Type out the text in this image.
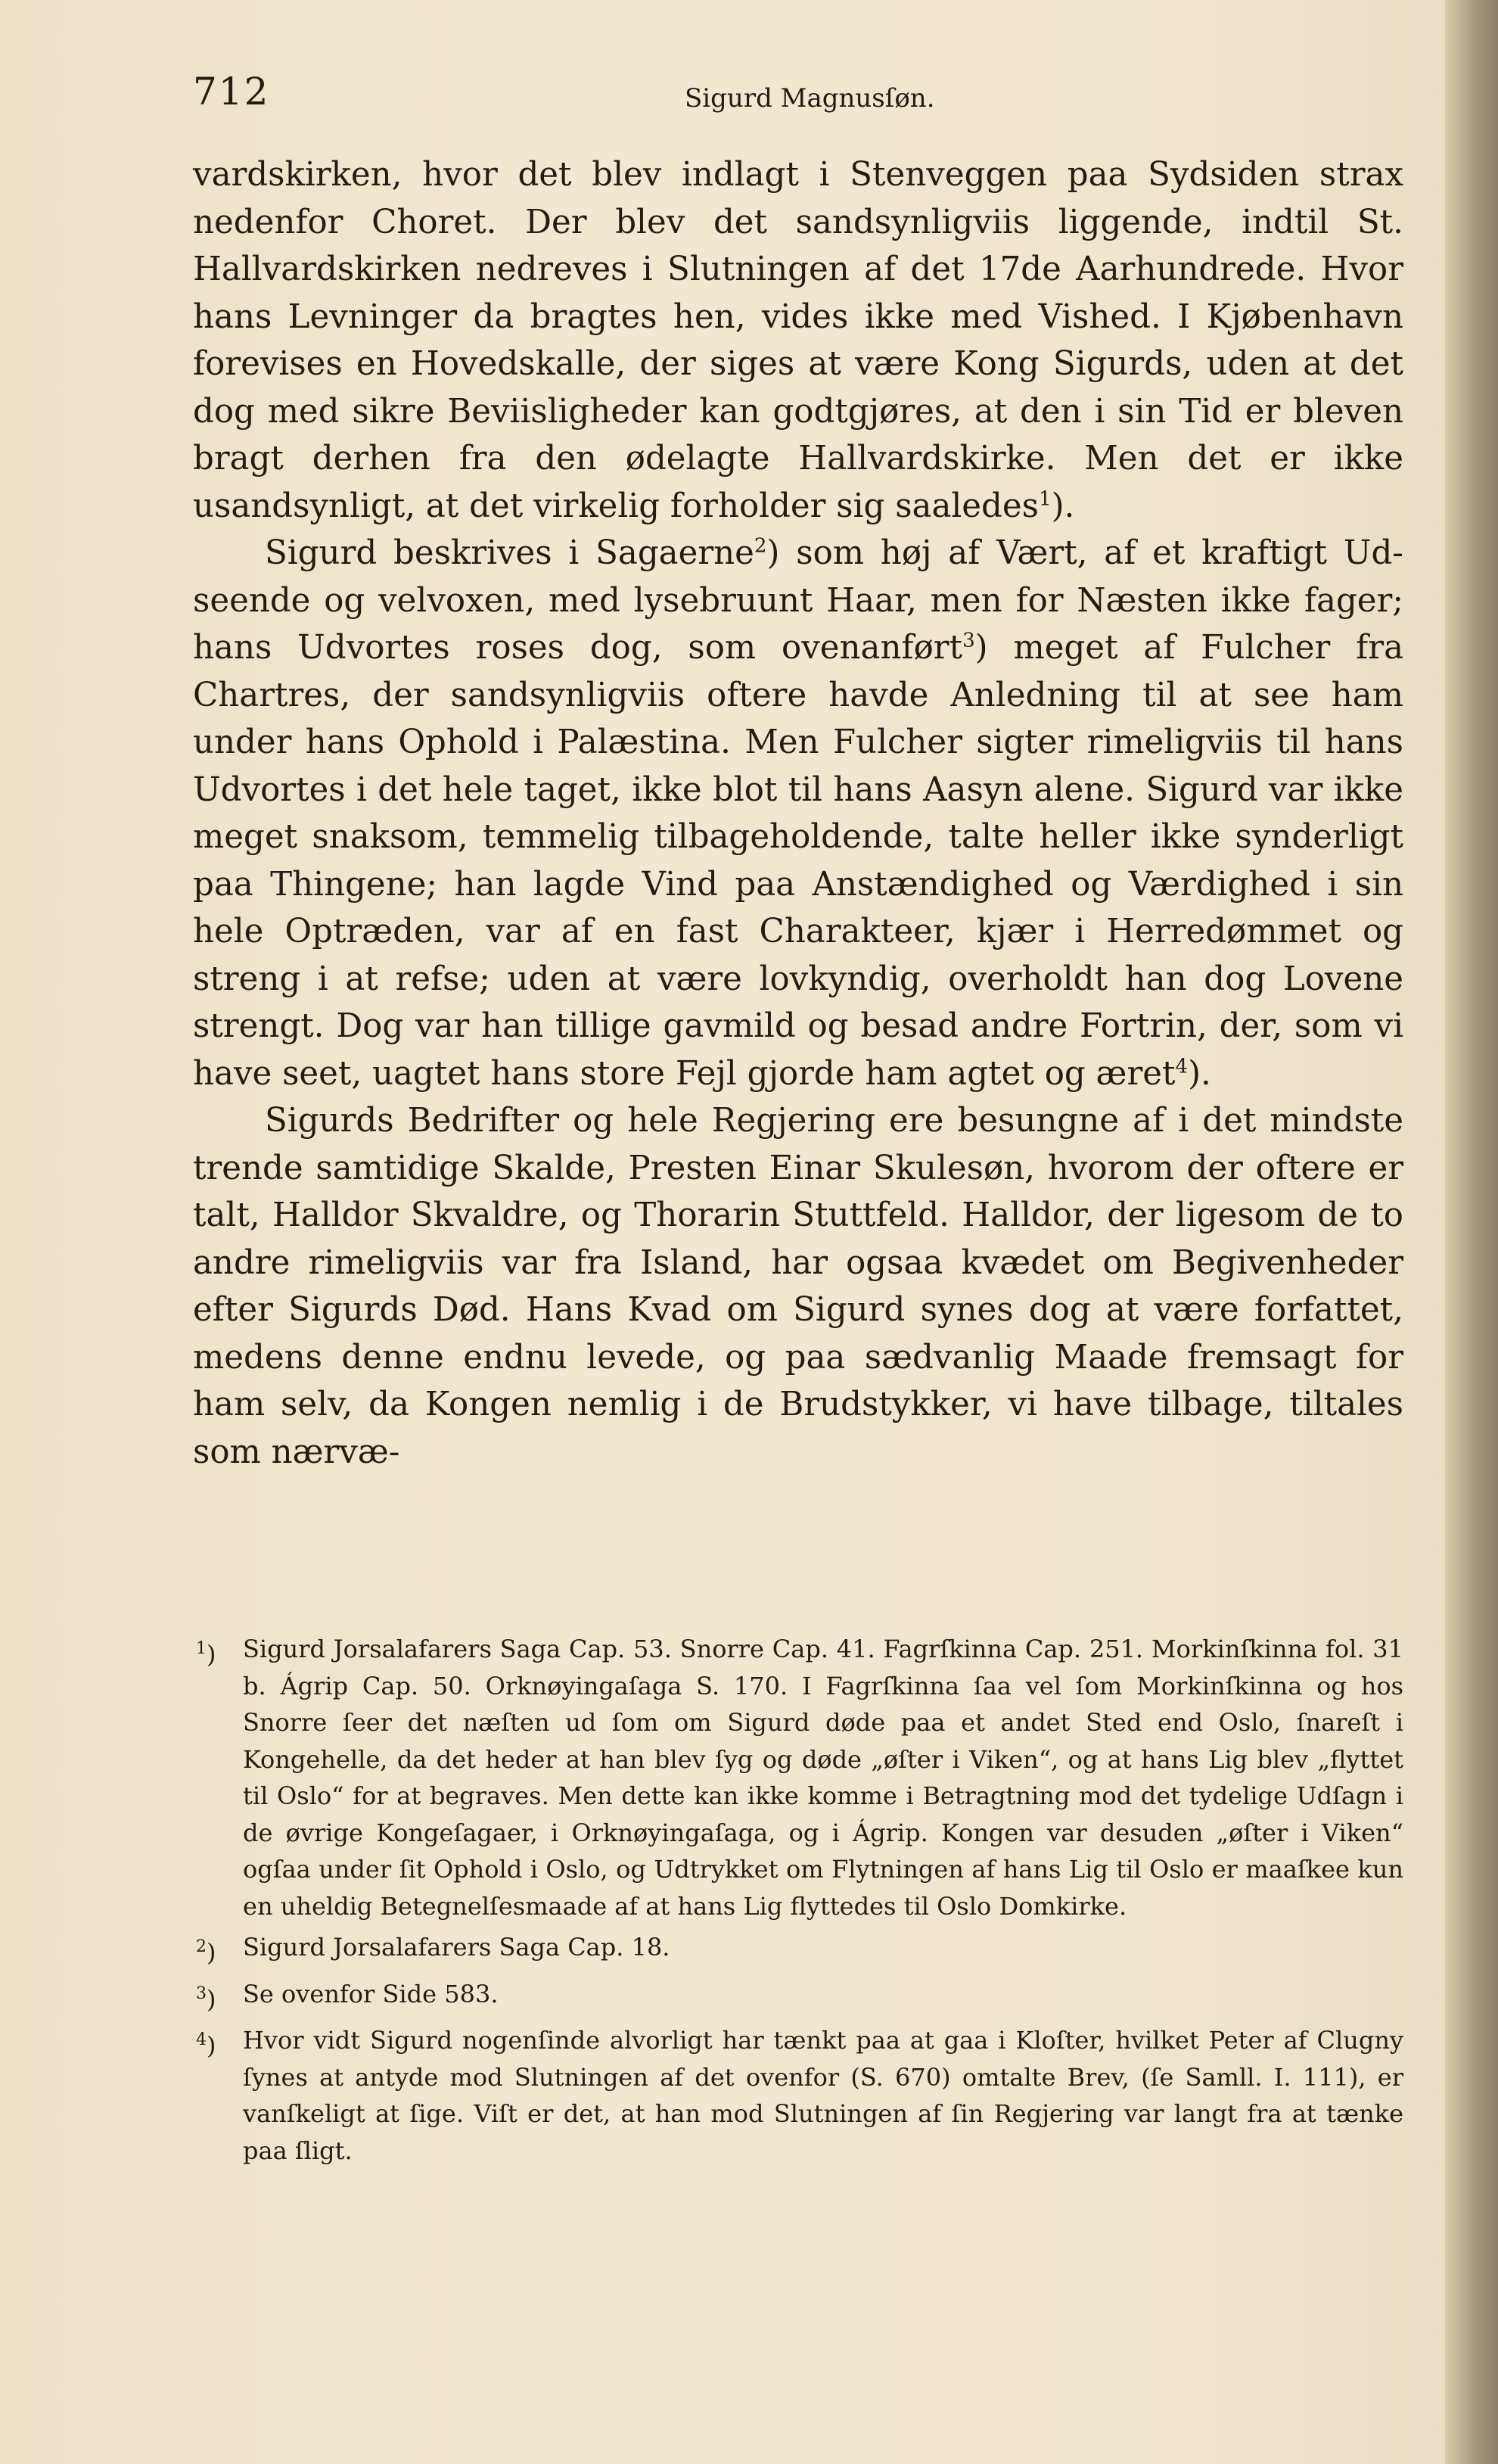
712	Sigurd Magnusſøn.

vardskirken, hvor det blev indlagt i Stenveggen paa Sydsiden strax nedenfor Choret. Der blev det sandsynligviis liggende, indtil St. Hallvardskirken nedreves i Slutningen af det 17de Aarhundrede. Hvor hans Levninger da bragtes hen, vides ikke med Vished. I Kjøbenhavn forevises en Hovedskalle, der siges at være Kong Sigurds, uden at det dog med sikre Beviisligheder kan godtgjøres, at den i sin Tid er bleven bragt derhen fra den ødelagte Hallvardskirke. Men det er ikke usandsynligt, at det virkelig forholder sig saaledes$^1$).

Sigurd beskrives i Sagaerne$^2$) som høj af Vært, af et kraftigt Udseende og velvoxen, med lysebruunt Haar, men for Næsten ikke fager; hans Udvortes roses dog, som ovenanført$^3$) meget af Fulcher fra Chartres, der sandsynligviis oftere havde Anledning til at see ham under hans Ophold i Palæstina. Men Fulcher sigter rimeligviis til hans Udvortes i det hele taget, ikke blot til hans Aasyn alene. Sigurd var ikke meget snaksom, temmelig tilbageholdende, talte heller ikke synderligt paa Thingene; han lagde Vind paa Anstændighed og Værdighed i sin hele Optræden, var af en fast Charakteer, kjær i Herredømmet og streng i at refse; uden at være lovkyndig, overholdt han dog Lovene strengt. Dog var han tillige gavmild og besad andre Fortrin, der, som vi have seet, uagtet hans store Fejl gjorde ham agtet og æret$^4$).

Sigurds Bedrifter og hele Regjering ere besungne af i det mindste trende samtidige Skalde, Presten Einar Skulesøn, hvorom der oftere er talt, Halldor Skvaldre, og Thorarin Stuttfeld. Halldor, der ligesom de to andre rimeligviis var fra Island, har ogsaa kvædet om Begivenheder efter Sigurds Død. Hans Kvad om Sigurd synes dog at være forfattet, medens denne endnu levede, og paa sædvanlig Maade fremsagt for ham selv, da Kongen nemlig i de Brudstykker, vi have tilbage, tiltales som nærvæ-

$^1$)	Sigurd Jorsalafarers Saga Cap. 53. Snorre Cap. 41. Fagrſkinna Cap. 251. Morkinſkinna fol. 31 b. Ágrip Cap. 50. Orknøyingaſaga S. 170. I Fagrſkinna ſaa vel ſom Morkinſkinna og hos Snorre ſeer det næſten ud ſom om Sigurd døde paa et andet Sted end Oslo, ſnareſt i Kongehelle, da det heder at han blev ſyg og døde „øſter i Viken“, og at hans Lig blev „flyttet til Oslo“ for at begraves. Men dette kan ikke komme i Betragtning mod det tydelige Udſagn i de øvrige Kongeſagaer, i Orknøyingaſaga, og i Ágrip. Kongen var desuden „øſter i Viken“ ogſaa under ſit Ophold i Oslo, og Udtrykket om Flytningen af hans Lig til Oslo er maaſkee kun en uheldig Betegnelſesmaade af at hans Lig flyttedes til Oslo Domkirke.
$^2$)	Sigurd Jorsalafarers Saga Cap. 18.
$^3$)	Se ovenfor Side 583.
$^4$)	Hvor vidt Sigurd nogenſinde alvorligt har tænkt paa at gaa i Kloſter, hvilket Peter af Clugny ſynes at antyde mod Slutningen af det ovenfor (S. 670) omtalte Brev, (ſe Samll. I. 111), er vanſkeligt at ſige. Viſt er det, at han mod Slutningen af ſin Regjering var langt fra at tænke paa ſligt.
